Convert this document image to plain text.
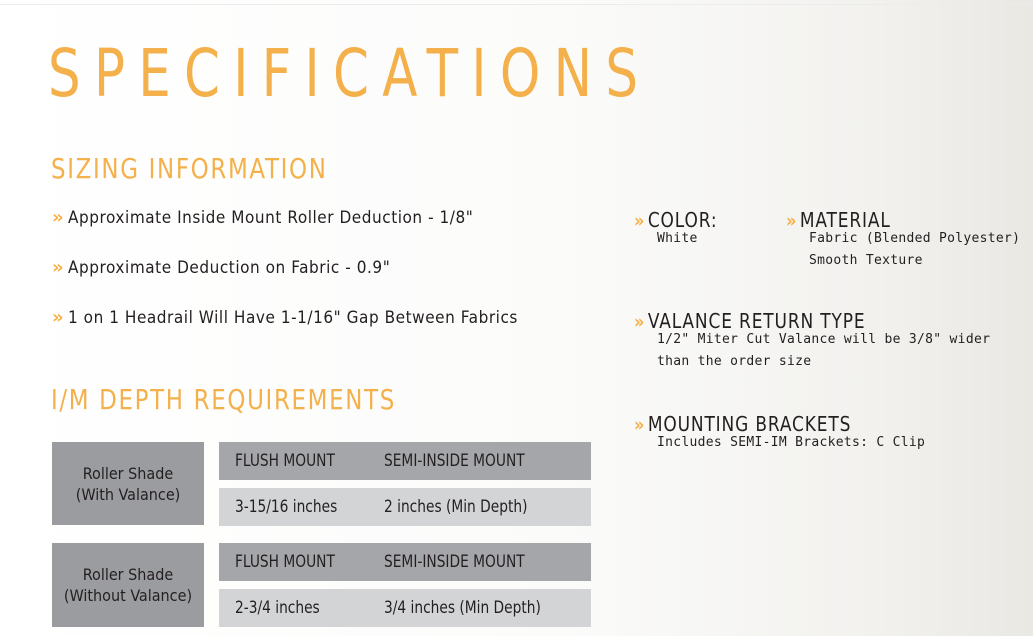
SPECIFICATIONS
SIZING INFORMATION
» Approximate Inside Mount Roller Deduction - 1/8"
» Approximate Deduction on Fabric - 0.9"
» 1 on 1 Headrail Will Have 1-1/16" Gap Between Fabrics
I/M DEPTH REQUIREMENTS
Roller Shade
(With Valance)
FLUSH MOUNT	SEMI-INSIDE MOUNT
3-15/16 inches	2 inches (Min Depth)
Roller Shade
(Without Valance)
FLUSH MOUNT	SEMI-INSIDE MOUNT
2-3/4 inches	3/4 inches (Min Depth)
» COLOR:
White
» MATERIAL
Fabric (Blended Polyester)
Smooth Texture
» VALANCE RETURN TYPE
1/2" Miter Cut Valance will be 3/8" wider
than the order size
» MOUNTING BRACKETS
Includes SEMI-IM Brackets: C Clip
